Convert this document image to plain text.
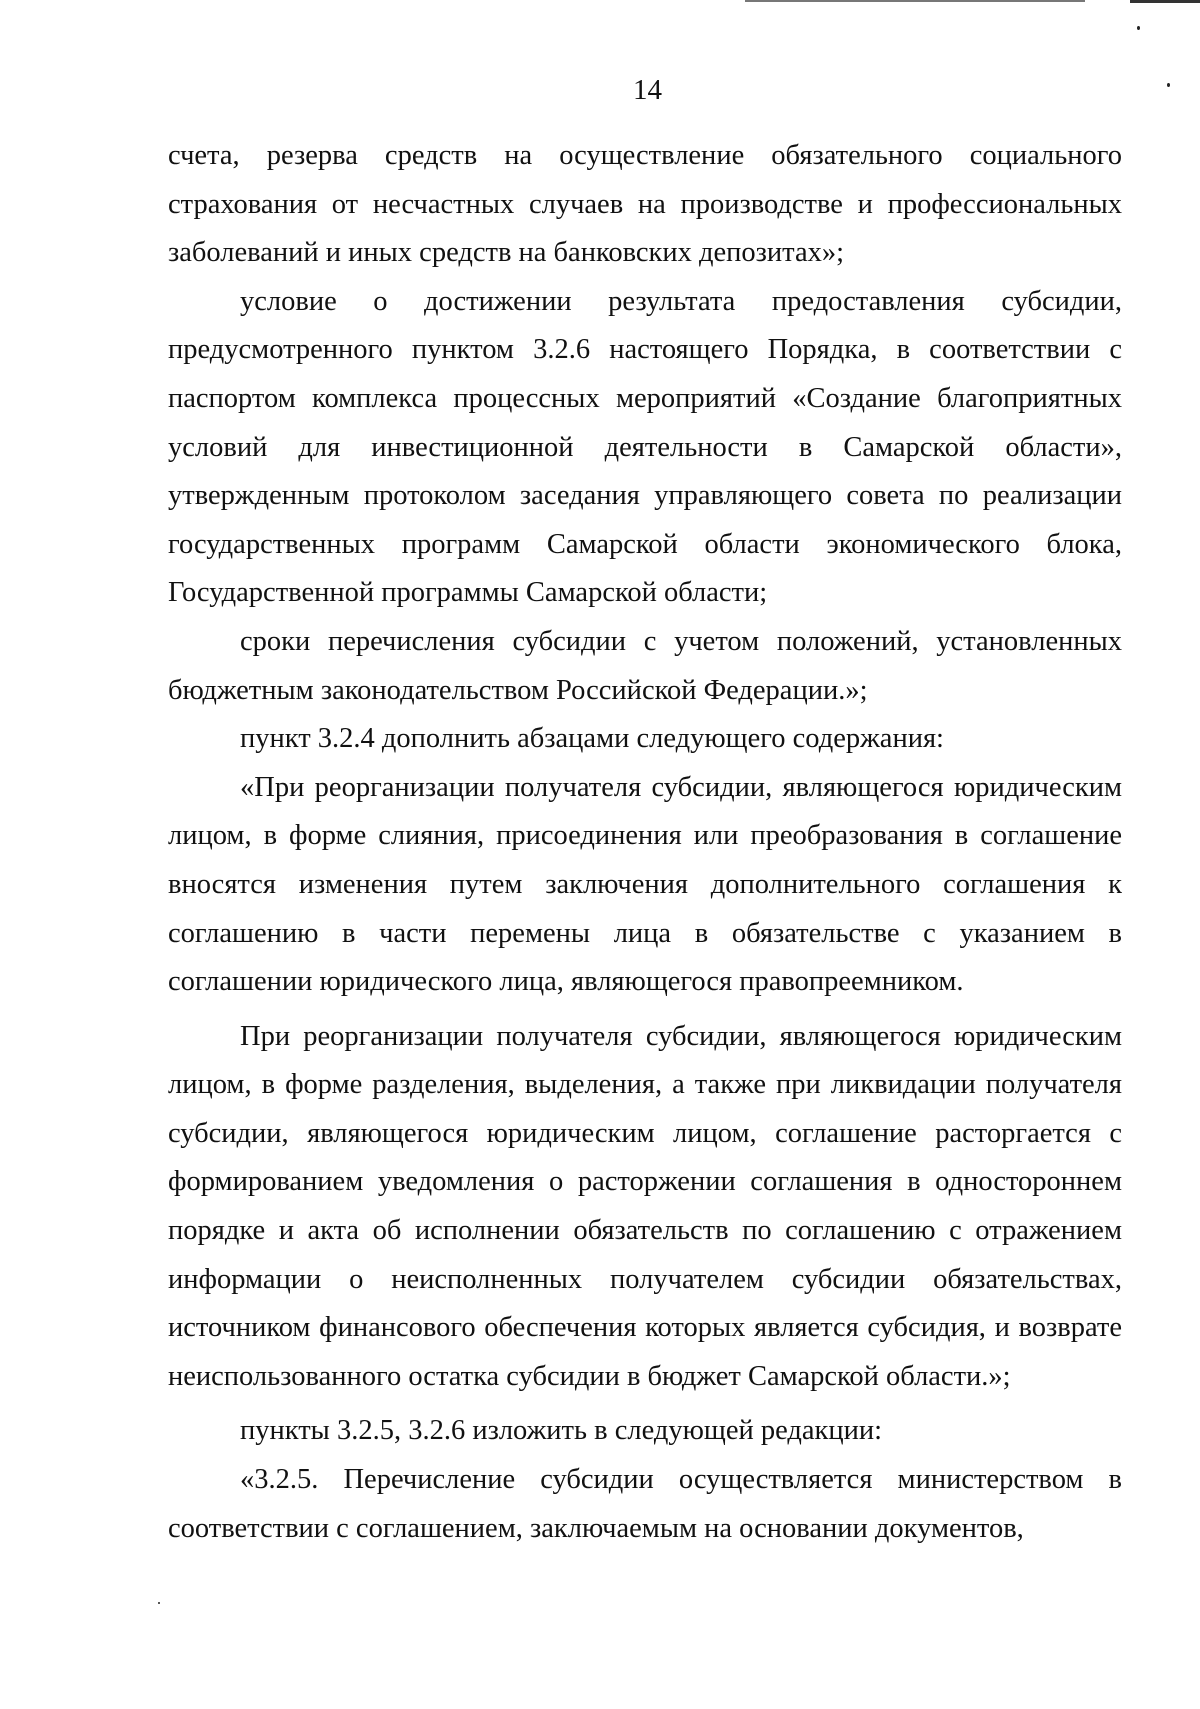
14

счета, резерва средств на осуществление обязательного социального страхования от несчастных случаев на производстве и профессиональных заболеваний и иных средств на банковских депозитах»;

условие о достижении результата предоставления субсидии, предусмотренного пунктом 3.2.6 настоящего Порядка, в соответствии с паспортом комплекса процессных мероприятий «Создание благоприятных условий для инвестиционной деятельности в Самарской области», утвержденным протоколом заседания управляющего совета по реализации государственных программ Самарской области экономического блока, Государственной программы Самарской области;

сроки перечисления субсидии с учетом положений, установленных бюджетным законодательством Российской Федерации.»;

пункт 3.2.4 дополнить абзацами следующего содержания:

«При реорганизации получателя субсидии, являющегося юридическим лицом, в форме слияния, присоединения или преобразования в соглашение вносятся изменения путем заключения дополнительного соглашения к соглашению в части перемены лица в обязательстве с указанием в соглашении юридического лица, являющегося правопреемником.

При реорганизации получателя субсидии, являющегося юридическим лицом, в форме разделения, выделения, а также при ликвидации получателя субсидии, являющегося юридическим лицом, соглашение расторгается с формированием уведомления о расторжении соглашения в одностороннем порядке и акта об исполнении обязательств по соглашению с отражением информации о неисполненных получателем субсидии обязательствах, источником финансового обеспечения которых является субсидия, и возврате неиспользованного остатка субсидии в бюджет Самарской области.»;

пункты 3.2.5, 3.2.6 изложить в следующей редакции:

«3.2.5. Перечисление субсидии осуществляется министерством в соответствии с соглашением, заключаемым на основании документов,
